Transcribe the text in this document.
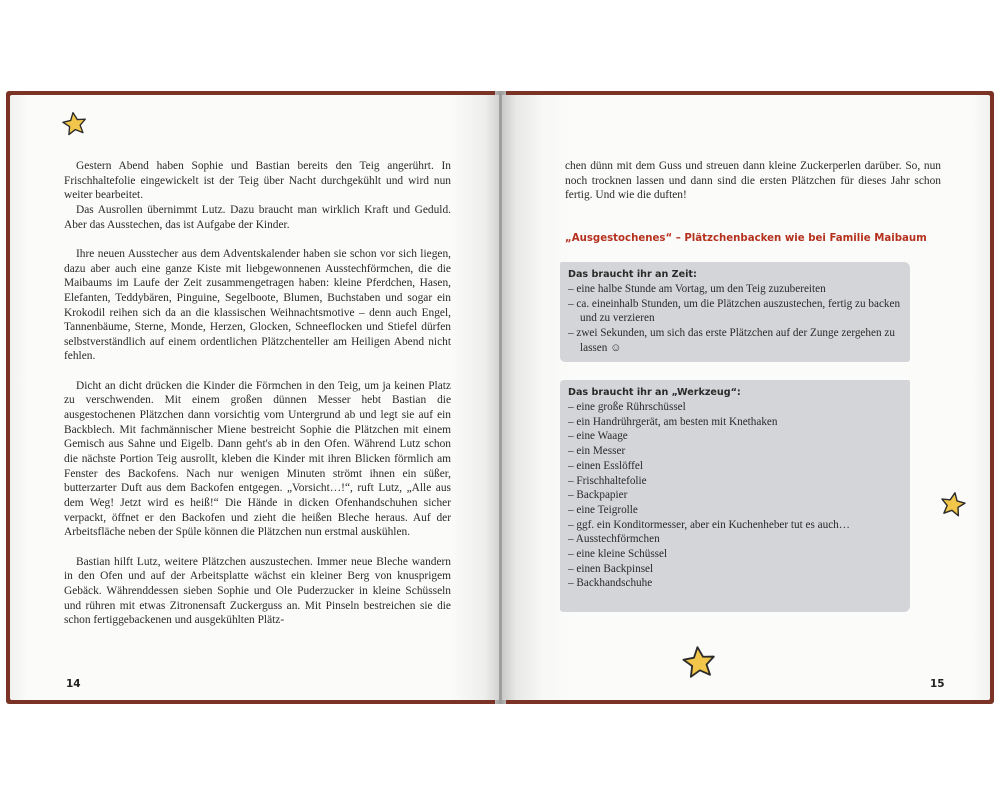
Gestern Abend haben Sophie und Bastian bereits den Teig angerührt. In Frischhaltefolie eingewickelt ist der Teig über Nacht durchgekühlt und wird nun weiter bearbeitet.

Das Ausrollen übernimmt Lutz. Dazu braucht man wirklich Kraft und Geduld. Aber das Ausstechen, das ist Aufgabe der Kinder.

Ihre neuen Ausstecher aus dem Adventskalender haben sie schon vor sich liegen, dazu aber auch eine ganze Kiste mit liebgewonnenen Ausstechförmchen, die die Maibaums im Laufe der Zeit zusammengetragen haben: kleine Pferdchen, Hasen, Elefanten, Teddybären, Pinguine, Segelboote, Blumen, Buchstaben und sogar ein Krokodil reihen sich da an die klassischen Weihnachtsmotive – denn auch Engel, Tannenbäume, Sterne, Monde, Herzen, Glocken, Schneeflocken und Stiefel dürfen selbstverständlich auf einem ordentlichen Plätzchenteller am Heiligen Abend nicht fehlen.

Dicht an dicht drücken die Kinder die Förmchen in den Teig, um ja keinen Platz zu verschwenden. Mit einem großen dünnen Messer hebt Bastian die ausgestochenen Plätzchen dann vorsichtig vom Untergrund ab und legt sie auf ein Backblech. Mit fachmännischer Miene bestreicht Sophie die Plätzchen mit einem Gemisch aus Sahne und Eigelb. Dann geht's ab in den Ofen. Während Lutz schon die nächste Portion Teig ausrollt, kleben die Kinder mit ihren Blicken förmlich am Fenster des Backofens. Nach nur wenigen Minuten strömt ihnen ein süßer, butterzarter Duft aus dem Backofen entgegen. „Vorsicht…!“, ruft Lutz, „Alle aus dem Weg! Jetzt wird es heiß!“ Die Hände in dicken Ofenhandschuhen sicher verpackt, öffnet er den Backofen und zieht die heißen Bleche heraus. Auf der Arbeitsfläche neben der Spüle können die Plätzchen nun erstmal auskühlen.

Bastian hilft Lutz, weitere Plätzchen auszustechen. Immer neue Bleche wandern in den Ofen und auf der Arbeitsplatte wächst ein kleiner Berg von knusprigem Gebäck. Währenddessen sieben Sophie und Ole Puderzucker in kleine Schüsseln und rühren mit etwas Zitronensaft Zuckerguss an. Mit Pinseln bestreichen sie die schon fertiggebackenen und ausgekühlten Plätz-

14

chen dünn mit dem Guss und streuen dann kleine Zuckerperlen darüber. So, nun noch trocknen lassen und dann sind die ersten Plätzchen für dieses Jahr schon fertig. Und wie die duften!

„Ausgestochenes“ – Plätzchenbacken wie bei Familie Maibaum
Das braucht ihr an Zeit:
– eine halbe Stunde am Vortag, um den Teig zuzubereiten
– ca. eineinhalb Stunden, um die Plätzchen auszustechen, fertig zu backen und zu verzieren
– zwei Sekunden, um sich das erste Plätzchen auf der Zunge zergehen zu lassen ☺
Das braucht ihr an „Werkzeug“:
– eine große Rührschüssel
– ein Handrührgerät, am besten mit Knethaken
– eine Waage
– ein Messer
– einen Esslöffel
– Frischhaltefolie
– Backpapier
– eine Teigrolle
– ggf. ein Konditormesser, aber ein Kuchenheber tut es auch…
– Ausstechförmchen
– eine kleine Schüssel
– einen Backpinsel
– Backhandschuhe
15
